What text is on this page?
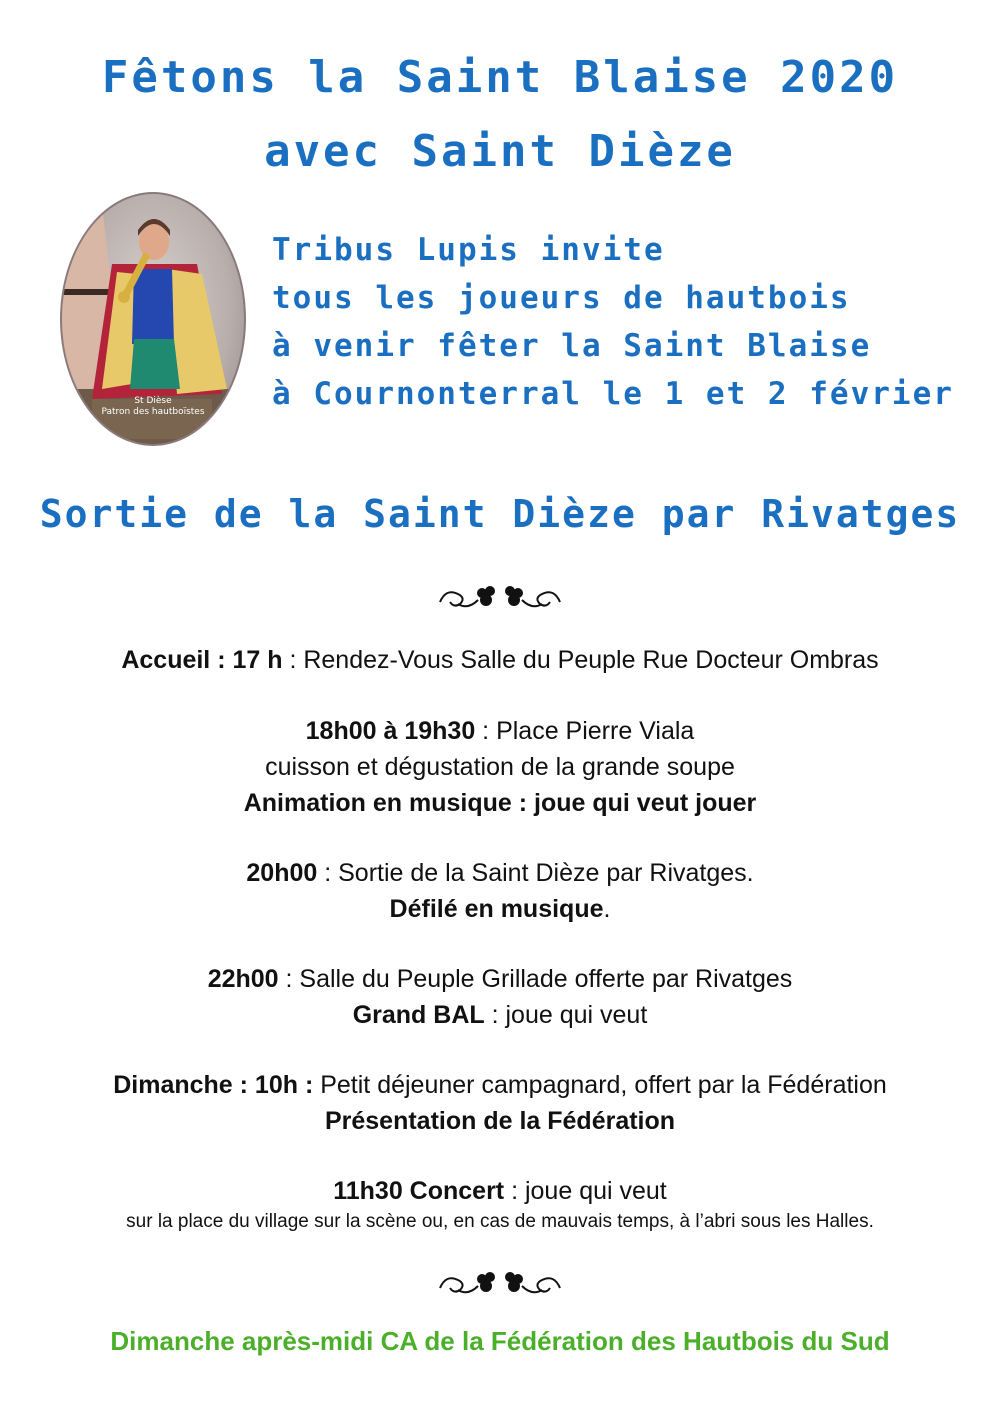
Fêtons la Saint Blaise 2020
avec Saint Dièze
St Dièse
Patron des hautboïstes

Tribus Lupis invite

tous les joueurs de hautbois

à venir fêter la Saint Blaise

à Cournonterral le 1 et 2 février

Sortie de la Saint Dièze par Rivatges

Accueil : 17 h : Rendez-Vous Salle du Peuple Rue Docteur Ombras

18h00 à 19h30 : Place Pierre Viala

cuisson et dégustation de la grande soupe

Animation en musique : joue qui veut jouer

20h00 : Sortie de la Saint Dièze par Rivatges.

Défilé en musique.

22h00 : Salle du Peuple Grillade offerte par Rivatges

Grand BAL : joue qui veut

Dimanche : 10h : Petit déjeuner campagnard, offert par la Fédération

Présentation de la Fédération

11h30 Concert : joue qui veut

sur la place du village sur la scène ou, en cas de mauvais temps, à l’abri sous les Halles.

Dimanche après-midi CA de la Fédération des Hautbois du Sud
